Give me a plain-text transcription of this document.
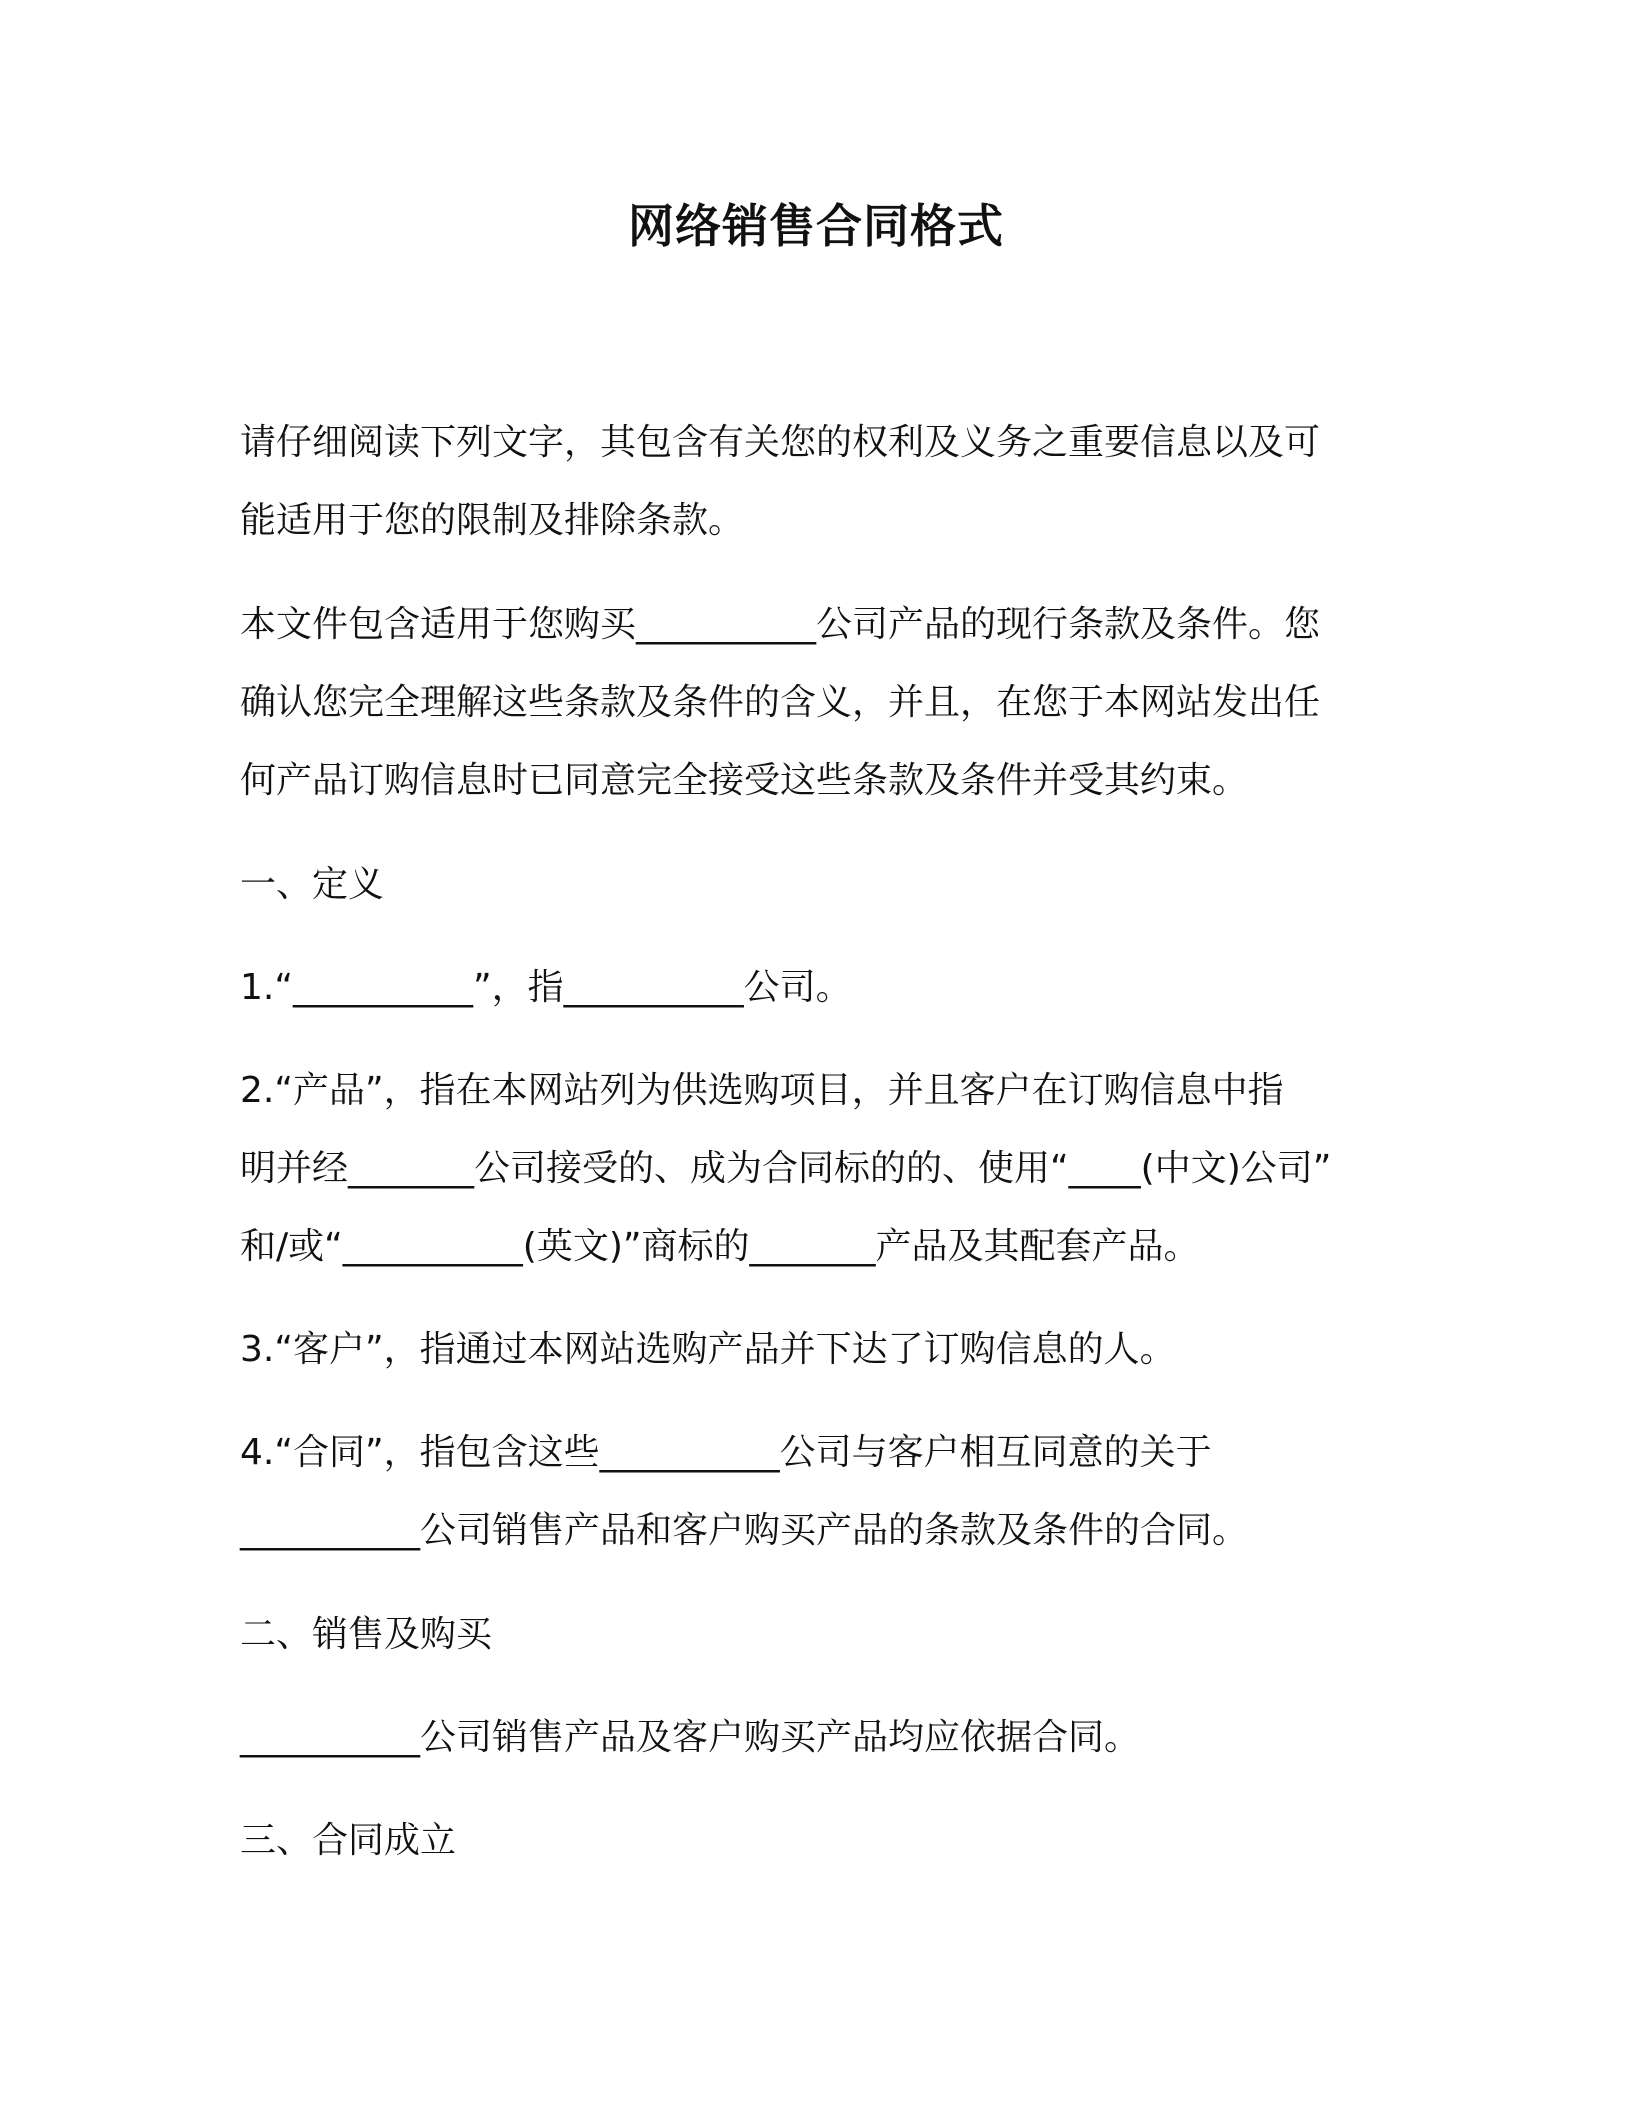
网络销售合同格式
请仔细阅读下列文字，其包含有关您的权利及义务之重要信息以及可
能适用于您的限制及排除条款。
本文件包含适用于您购买__________公司产品的现行条款及条件。您
确认您完全理解这些条款及条件的含义，并且，在您于本网站发出任
何产品订购信息时已同意完全接受这些条款及条件并受其约束。
一、定义
1.“__________”，指__________公司。
2.“产品”，指在本网站列为供选购项目，并且客户在订购信息中指
明并经_______公司接受的、成为合同标的的、使用“____(中文)公司”
和/或“__________(英文)”商标的_______产品及其配套产品。
3.“客户”，指通过本网站选购产品并下达了订购信息的人。
4.“合同”，指包含这些__________公司与客户相互同意的关于
__________公司销售产品和客户购买产品的条款及条件的合同。
二、销售及购买
__________公司销售产品及客户购买产品均应依据合同。
三、合同成立
